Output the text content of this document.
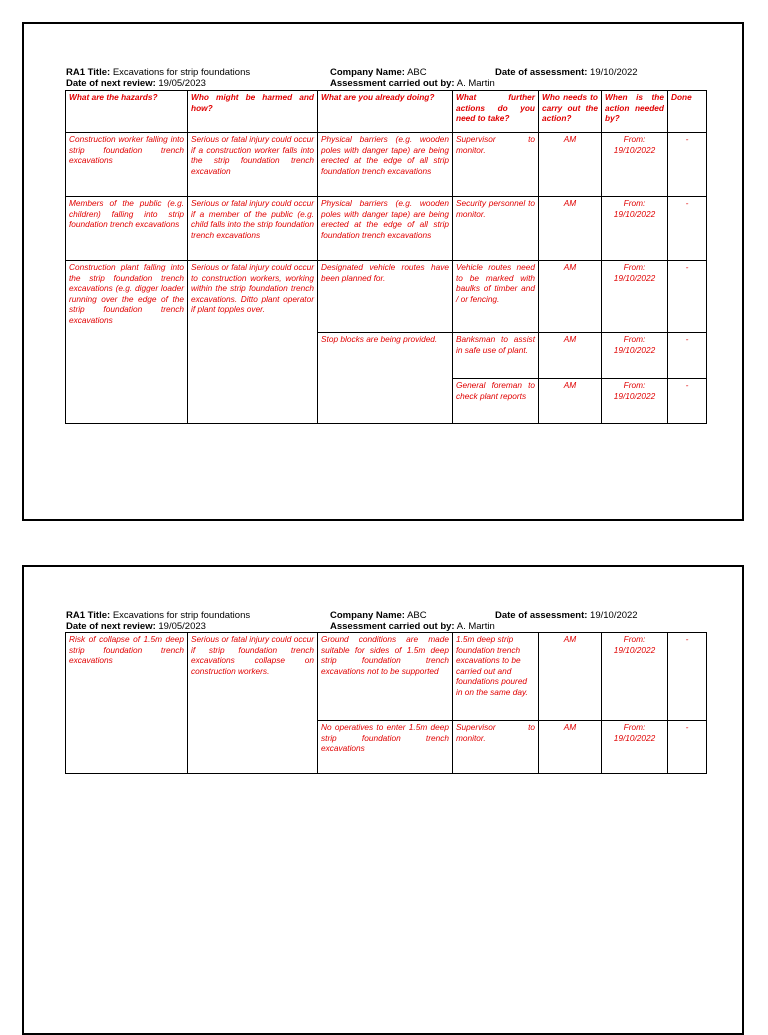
RA1 Title: Excavations for strip foundations	Company Name: ABC	Date of assessment: 19/10/2022
Date of next review: 19/05/2023	Assessment carried out by: A. Martin
What are the hazards?	Who might be harmed and how?	What are you already doing?	What further actions do you need to take?	Who needs to carry out the action?	When is the action needed by?	Done
Construction worker falling into strip foundation trench excavations	Serious or fatal injury could occur if a construction worker falls into the strip foundation trench excavation	Physical barriers (e.g. wooden poles with danger tape) are being erected at the edge of all strip foundation trench excavations	Supervisor to monitor.	AM	From: 19/10/2022	-
Members of the public (e.g. children) falling into strip foundation trench excavations	Serious or fatal injury could occur if a member of the public (e.g. child falls into the strip foundation trench excavations	Physical barriers (e.g. wooden poles with danger tape) are being erected at the edge of all strip foundation trench excavations	Security personnel to monitor.	AM	From: 19/10/2022	-
Construction plant falling into the strip foundation trench excavations (e.g. digger loader running over the edge of the strip foundation trench excavations	Serious or fatal injury could occur to construction workers, working within the strip foundation trench excavations. Ditto plant operator if plant topples over.	Designated vehicle routes have been planned for.	Vehicle routes need to be marked with baulks of timber and / or fencing.	AM	From: 19/10/2022	-
		Stop blocks are being provided.	Banksman to assist in safe use of plant.	AM	From: 19/10/2022	-
			General foreman to check plant reports	AM	From: 19/10/2022	-
RA1 Title: Excavations for strip foundations	Company Name: ABC	Date of assessment: 19/10/2022
Date of next review: 19/05/2023	Assessment carried out by: A. Martin
Risk of collapse of 1.5m deep strip foundation trench excavations	Serious or fatal injury could occur if strip foundation trench excavations collapse on construction workers.	Ground conditions are made suitable for sides of 1.5m deep strip foundation trench excavations not to be supported	1.5m deep strip foundation trench excavations to be carried out and foundations poured in on the same day.	AM	From: 19/10/2022	-
		No operatives to enter 1.5m deep strip foundation trench excavations	Supervisor to monitor.	AM	From: 19/10/2022	-
